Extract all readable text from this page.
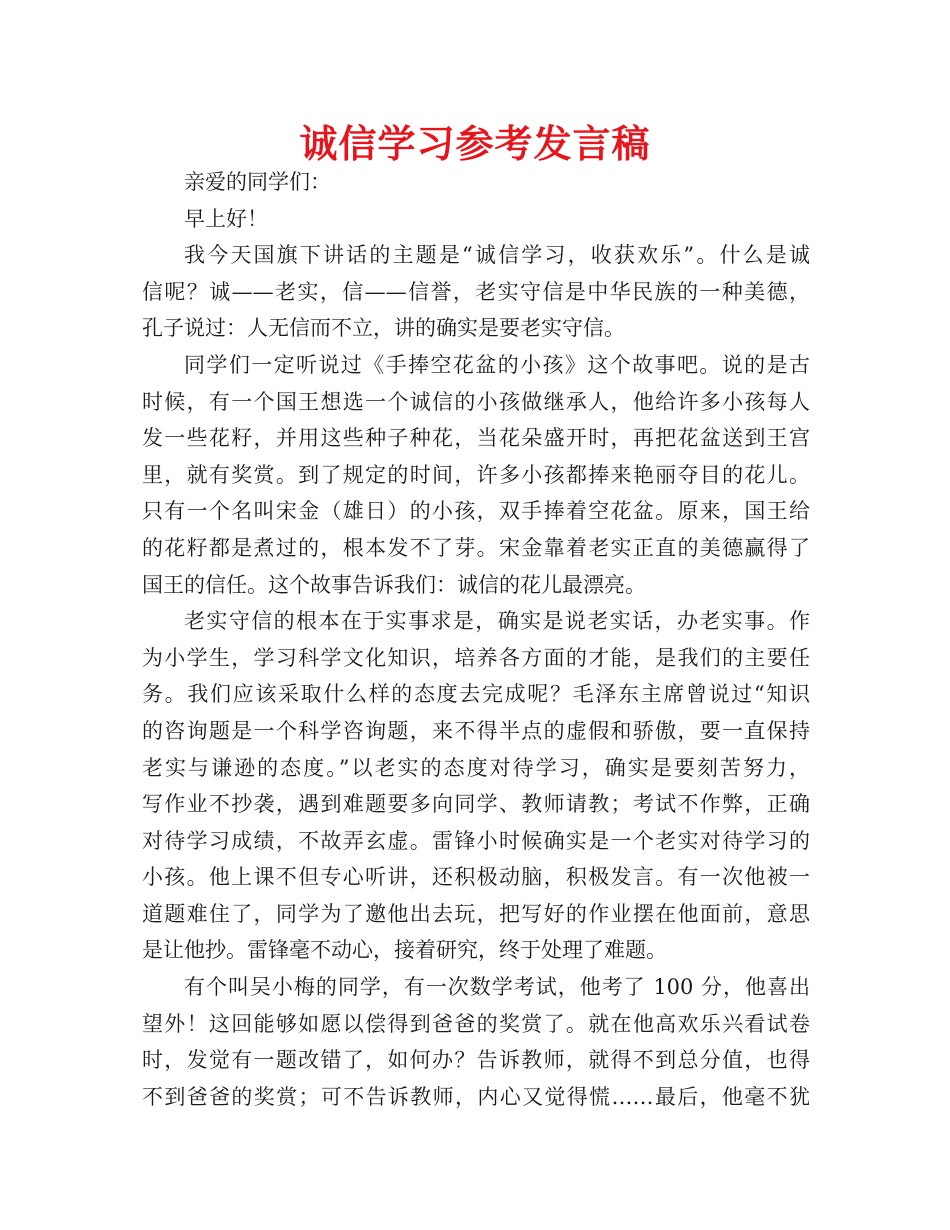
诚信学习参考发言稿
亲爱的同学们：
早上好！
我今天国旗下讲话的主题是“诚信学习，收获欢乐”。什么是诚
信呢？诚——老实，信——信誉，老实守信是中华民族的一种美德，
孔子说过：人无信而不立，讲的确实是要老实守信。
同学们一定听说过《手捧空花盆的小孩》这个故事吧。说的是古
时候，有一个国王想选一个诚信的小孩做继承人，他给许多小孩每人
发一些花籽，并用这些种子种花，当花朵盛开时，再把花盆送到王宫
里，就有奖赏。到了规定的时间，许多小孩都捧来艳丽夺目的花儿。
只有一个名叫宋金（雄日）的小孩，双手捧着空花盆。原来，国王给
的花籽都是煮过的，根本发不了芽。宋金靠着老实正直的美德赢得了
国王的信任。这个故事告诉我们：诚信的花儿最漂亮。
老实守信的根本在于实事求是，确实是说老实话，办老实事。作
为小学生，学习科学文化知识，培养各方面的才能，是我们的主要任
务。我们应该采取什么样的态度去完成呢？毛泽东主席曾说过“知识
的咨询题是一个科学咨询题，来不得半点的虚假和骄傲，要一直保持
老实与谦逊的态度。”以老实的态度对待学习，确实是要刻苦努力，
写作业不抄袭，遇到难题要多向同学、教师请教；考试不作弊，正确
对待学习成绩，不故弄玄虚。雷锋小时候确实是一个老实对待学习的
小孩。他上课不但专心听讲，还积极动脑，积极发言。有一次他被一
道题难住了，同学为了邀他出去玩，把写好的作业摆在他面前，意思
是让他抄。雷锋毫不动心，接着研究，终于处理了难题。
有个叫吴小梅的同学，有一次数学考试，他考了 100 分，他喜出
望外！这回能够如愿以偿得到爸爸的奖赏了。就在他高欢乐兴看试卷
时，发觉有一题改错了，如何办？告诉教师，就得不到总分值，也得
不到爸爸的奖赏；可不告诉教师，内心又觉得慌……最后，他毫不犹
